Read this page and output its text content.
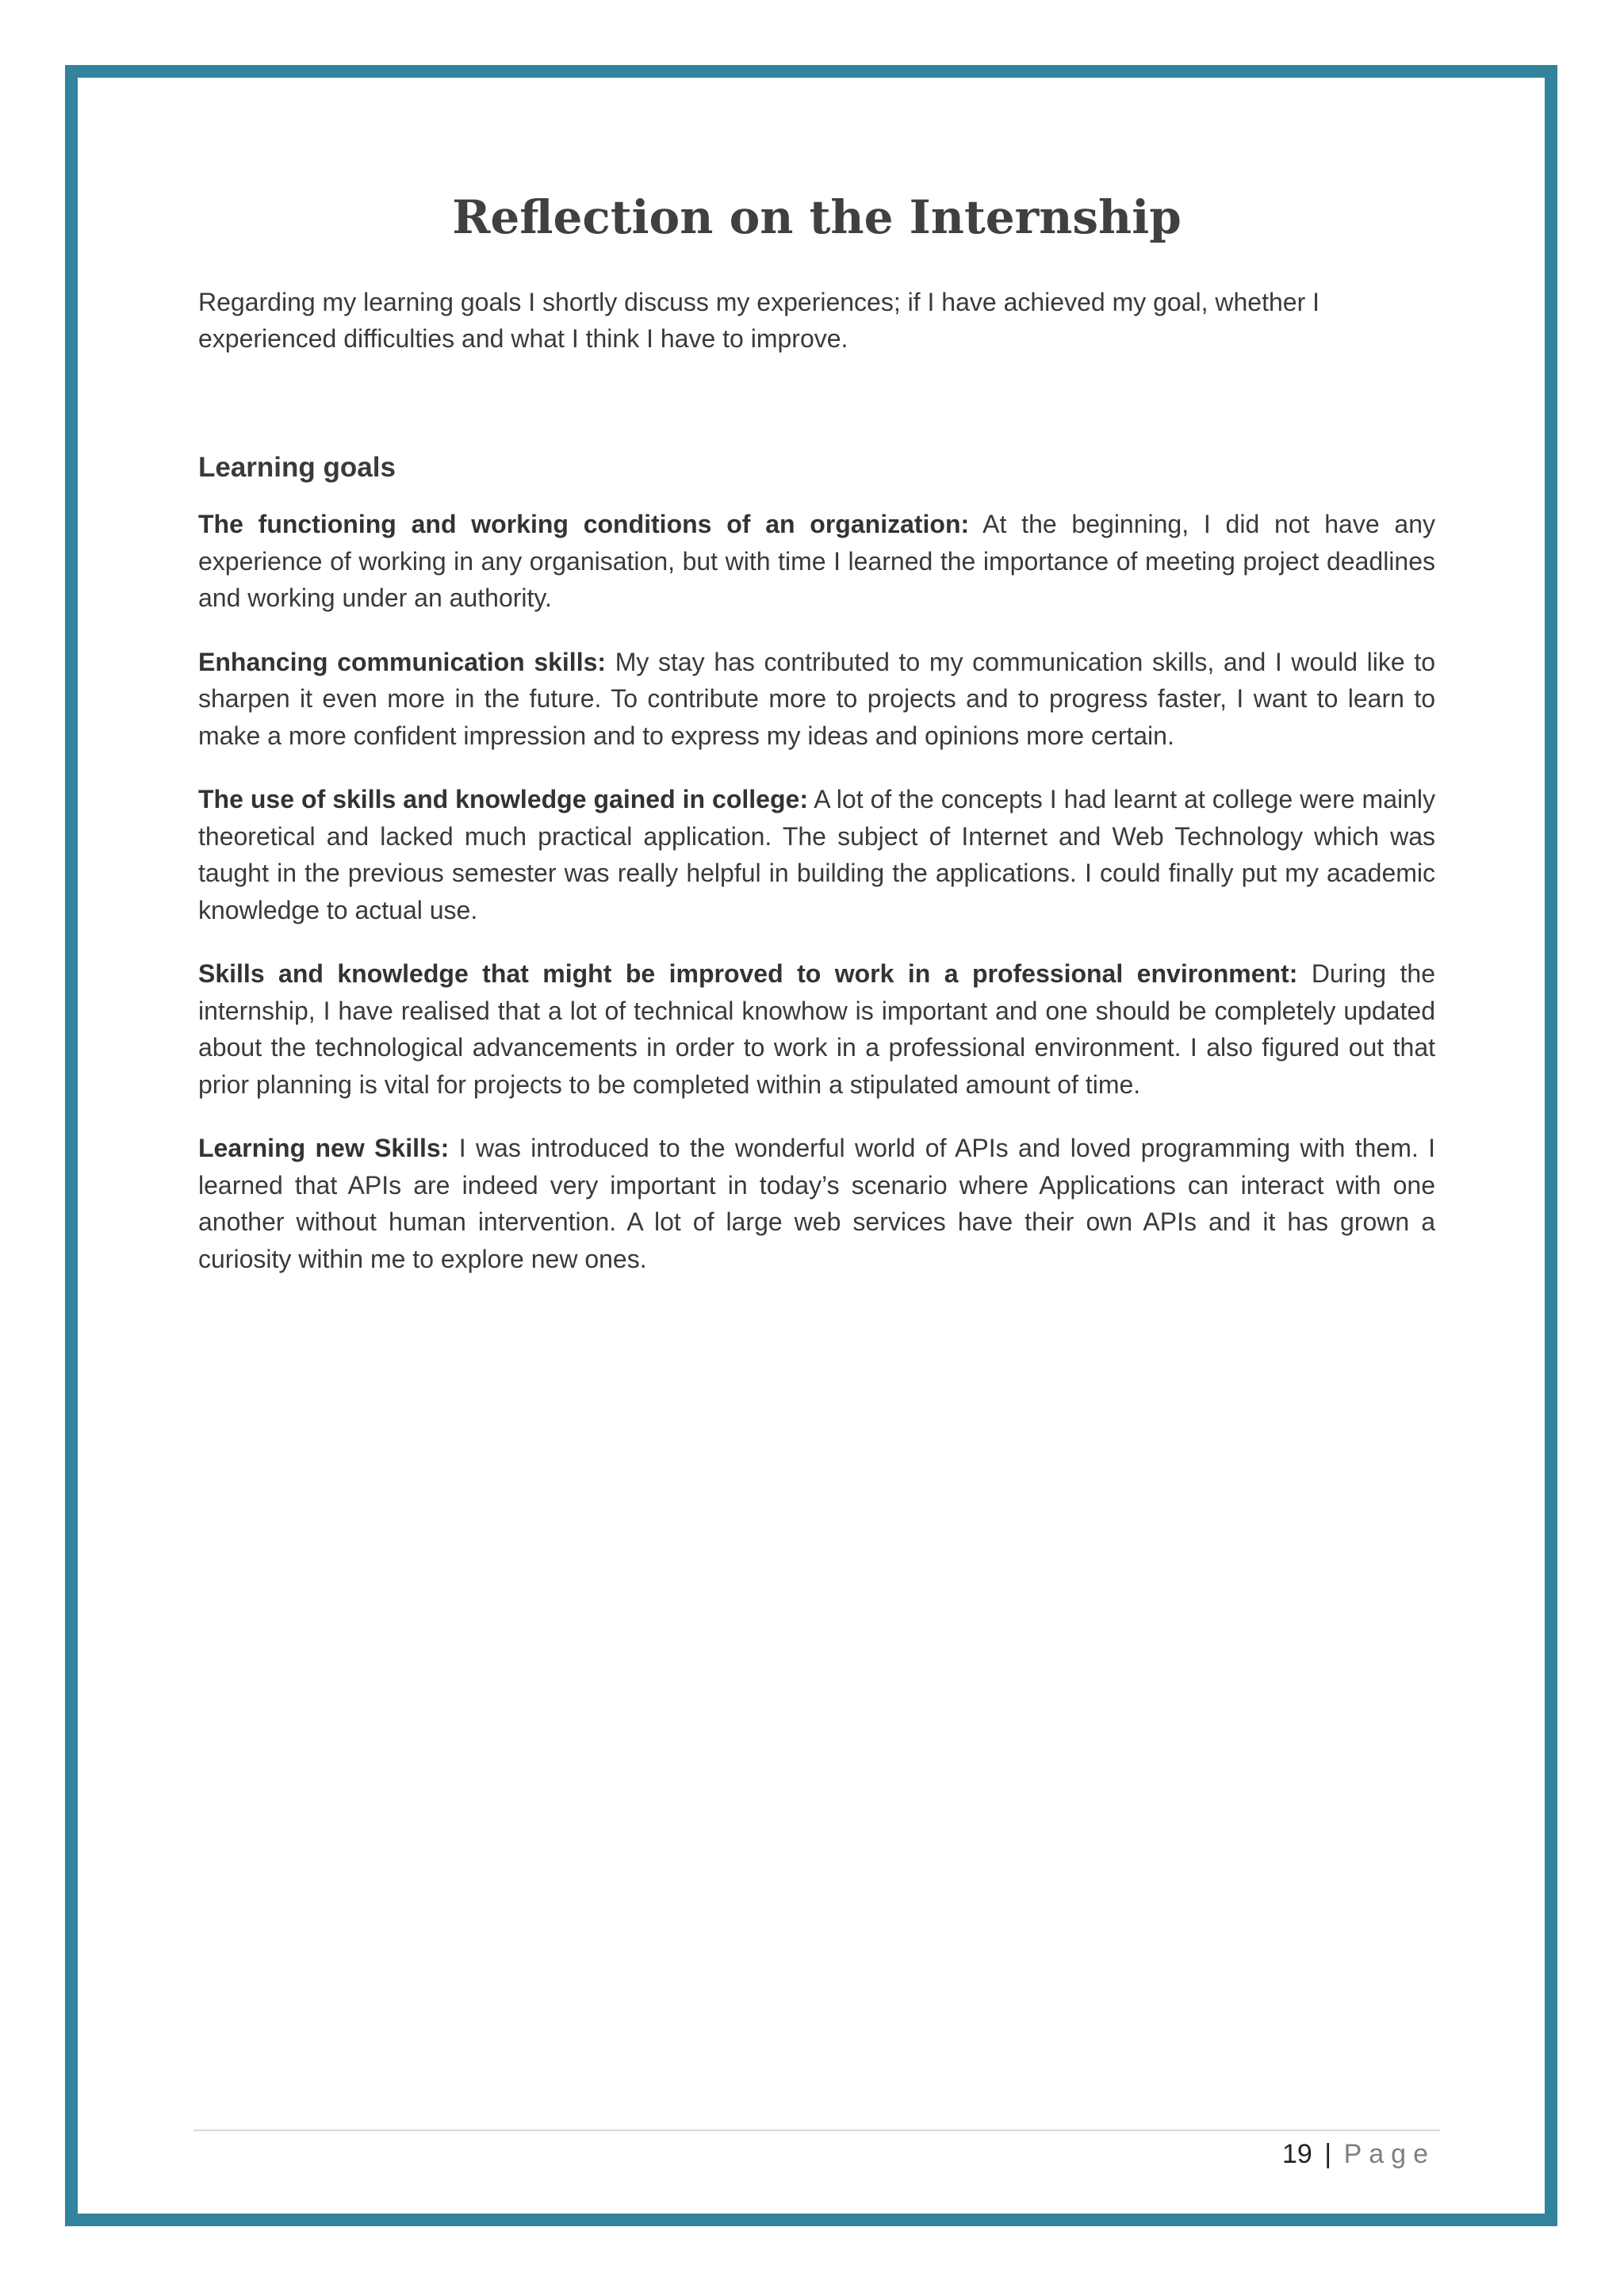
Reflection on the Internship

Regarding my learning goals I shortly discuss my experiences; if I have achieved my goal, whether I experienced difficulties and what I think I have to improve.

Learning goals

The functioning and working conditions of an organization: At the beginning, I did not have any experience of working in any organisation, but with time I learned the importance of meeting project deadlines and working under an authority.

Enhancing communication skills: My stay has contributed to my communication skills, and I would like to sharpen it even more in the future. To contribute more to projects and to progress faster, I want to learn to make a more confident impression and to express my ideas and opinions more certain.

The use of skills and knowledge gained in college: A lot of the concepts I had learnt at college were mainly theoretical and lacked much practical application. The subject of Internet and Web Technology which was taught in the previous semester was really helpful in building the applications. I could finally put my academic knowledge to actual use.

Skills and knowledge that might be improved to work in a professional environment: During the internship, I have realised that a lot of technical knowhow is important and one should be completely updated about the technological advancements in order to work in a professional environment. I also figured out that prior planning is vital for projects to be completed within a stipulated amount of time.

Learning new Skills: I was introduced to the wonderful world of APIs and loved programming with them. I learned that APIs are indeed very important in today’s scenario where Applications can interact with one another without human intervention. A lot of large web services have their own APIs and it has grown a curiosity within me to explore new ones.

19 | Page
